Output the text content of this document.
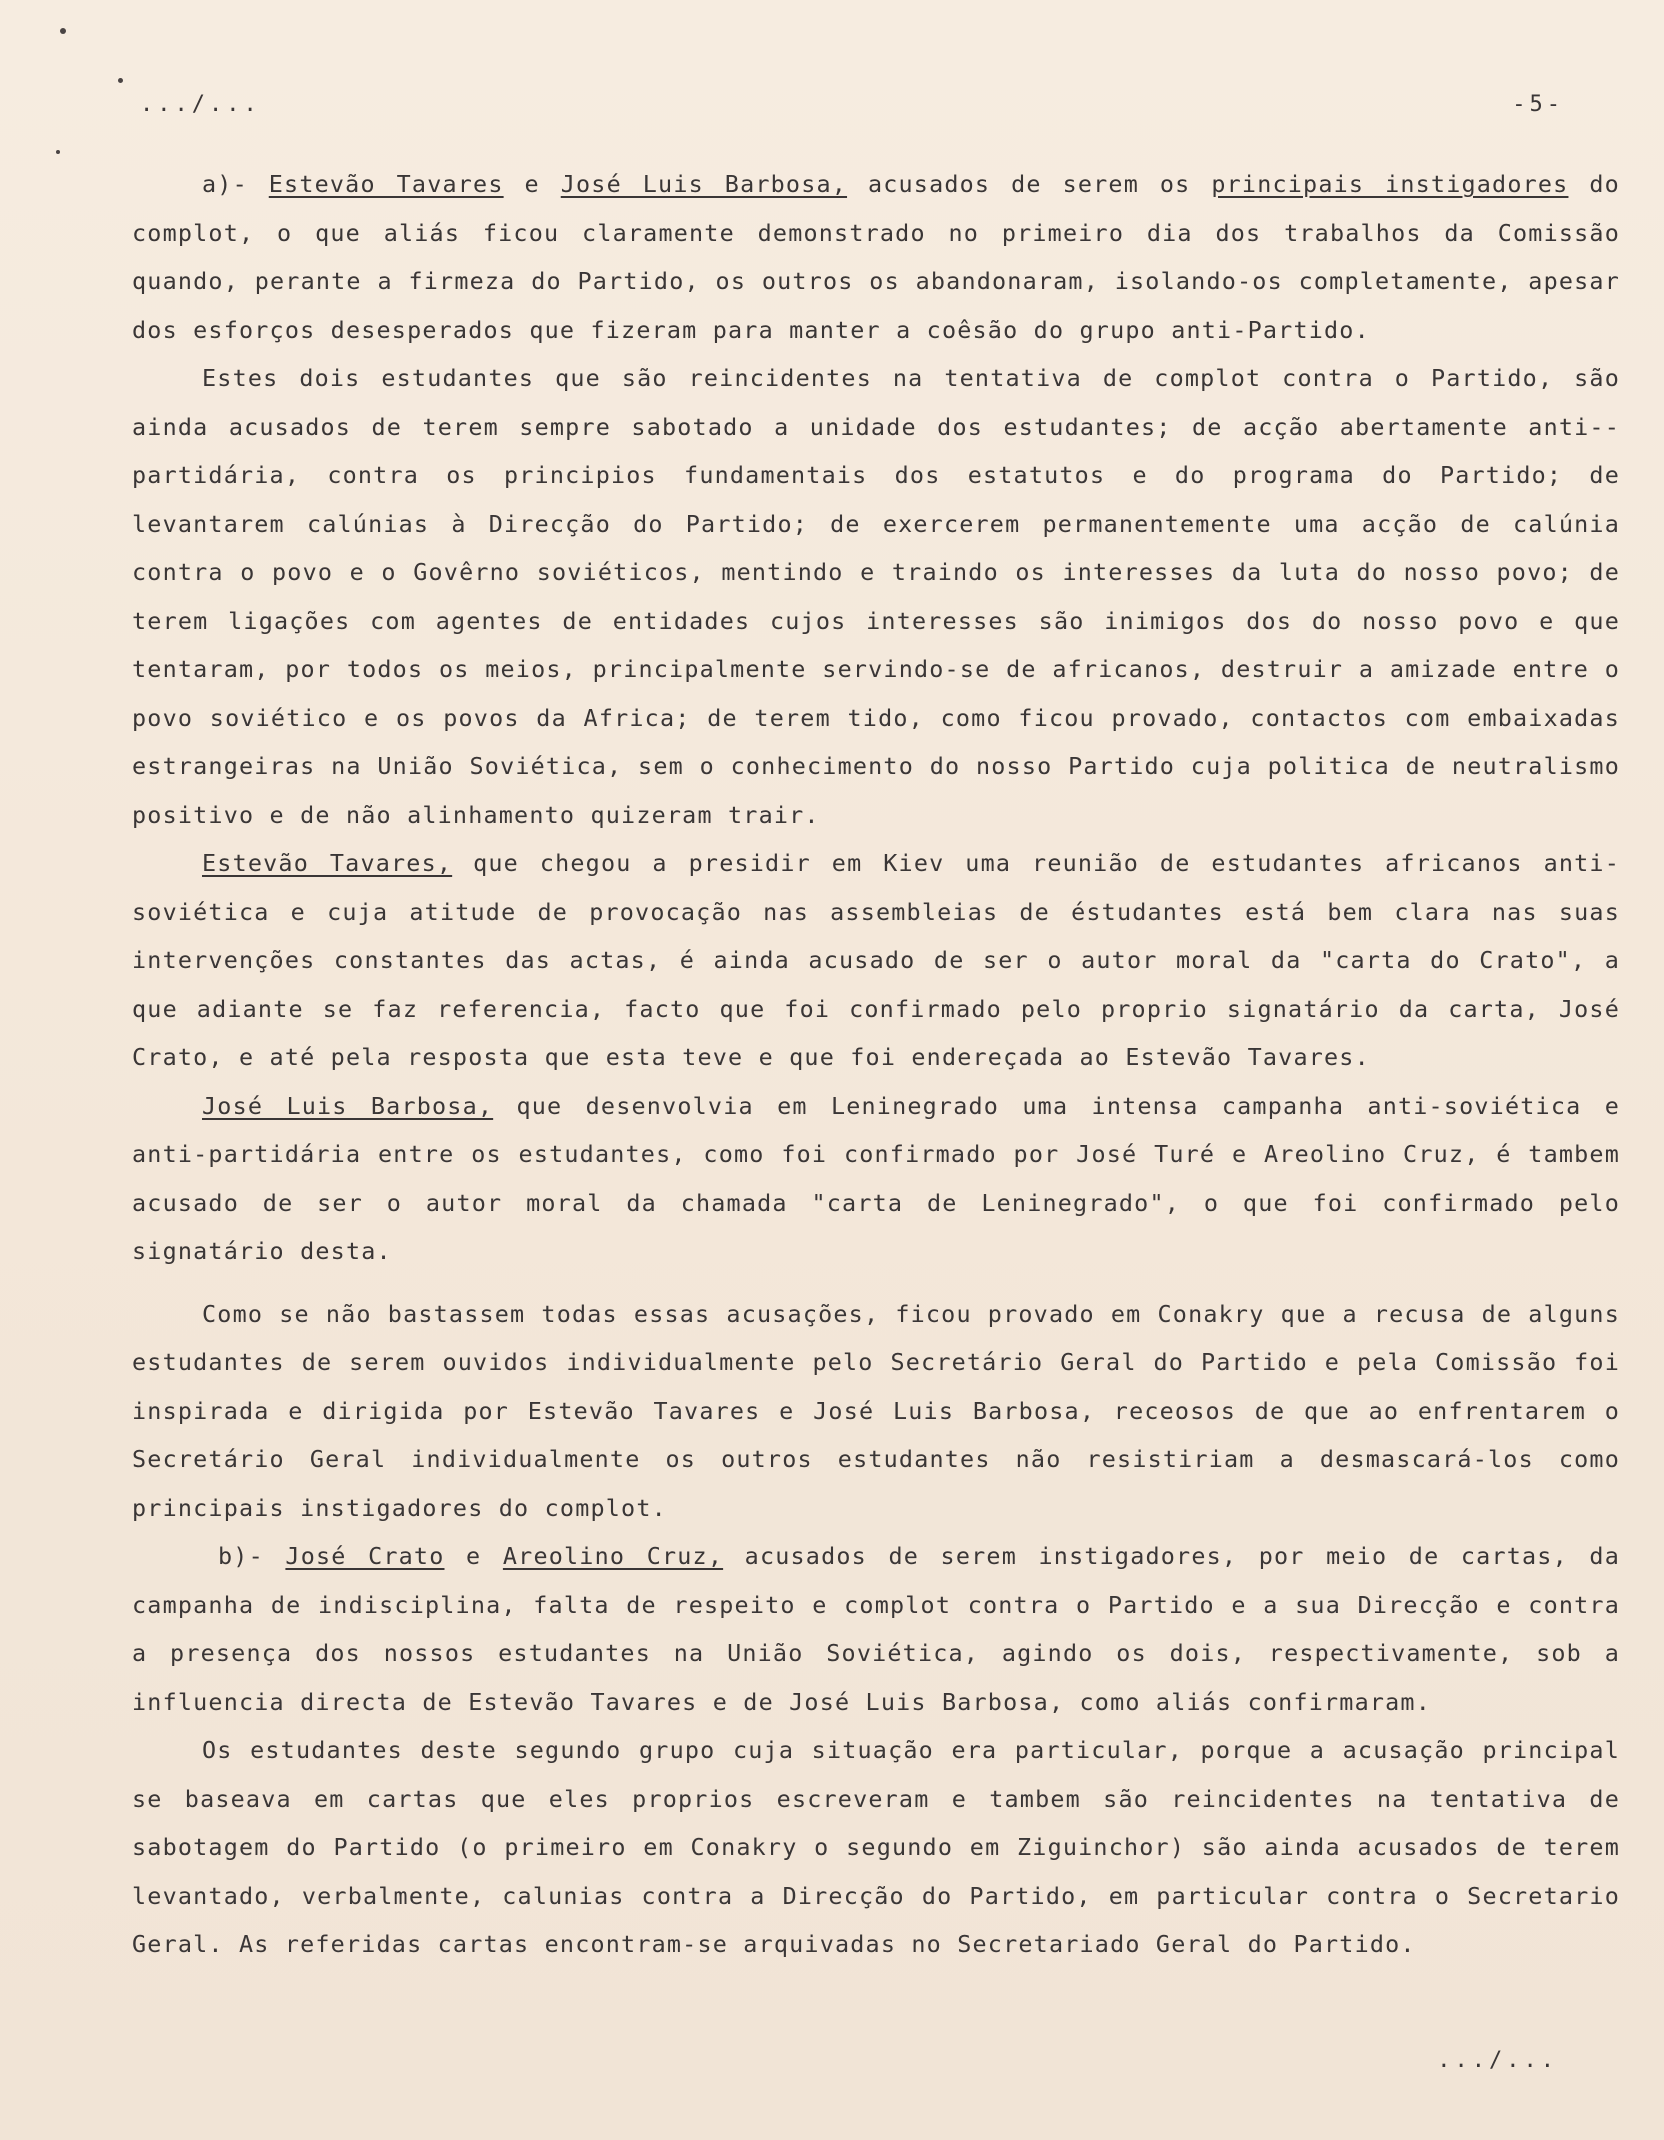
.../...	-5-

a)- Estevão Tavares e José Luis Barbosa, acusados de serem os principais instigadores do complot, o que aliás ficou claramente demonstrado no primeiro dia dos trabalhos da Comissão quando, perante a firmeza do Partido, os outros os abandonaram, isolando-os completamente, apesar dos esforços desesperados que fizeram para manter a coêsão do grupo anti-Partido.

Estes dois estudantes que são reincidentes na tentativa de complot contra o Partido, são ainda acusados de terem sempre sabotado a unidade dos estudantes; de acção abertamente anti--partidária, contra os principios fundamentais dos estatutos e do programa do Partido; de levantarem calúnias à Direcção do Partido; de exercerem permanentemente uma acção de calúnia contra o povo e o Govêrno soviéticos, mentindo e traindo os interesses da luta do nosso povo; de terem ligações com agentes de entidades cujos interesses são inimigos dos do nosso povo e que tentaram, por todos os meios, principalmente servindo-se de africanos, destruir a amizade entre o povo soviético e os povos da Africa; de terem tido, como ficou provado, contactos com embaixadas estrangeiras na União Soviética, sem o conhecimento do nosso Partido cuja politica de neutralismo positivo e de não alinhamento quizeram trair.

Estevão Tavares, que chegou a presidir em Kiev uma reunião de estudantes africanos anti-soviética e cuja atitude de provocação nas assembleias de éstudantes está bem clara nas suas intervenções constantes das actas, é ainda acusado de ser o autor moral da "carta do Crato", a que adiante se faz referencia, facto que foi confirmado pelo proprio signatário da carta, José Crato, e até pela resposta que esta teve e que foi endereçada ao Estevão Tavares.

José Luis Barbosa, que desenvolvia em Leninegrado uma intensa campanha anti-soviética e anti-partidária entre os estudantes, como foi confirmado por José Turé e Areolino Cruz, é tambem acusado de ser o autor moral da chamada "carta de Leninegrado", o que foi confirmado pelo signatário desta.

Como se não bastassem todas essas acusações, ficou provado em Conakry que a recusa de alguns estudantes de serem ouvidos individualmente pelo Secretário Geral do Partido e pela Comissão foi inspirada e dirigida por Estevão Tavares e José Luis Barbosa, receosos de que ao enfrentarem o Secretário Geral individualmente os outros estudantes não resistiriam a desmascará-los como principais instigadores do complot.

b)- José Crato e Areolino Cruz, acusados de serem instigadores, por meio de cartas, da campanha de indisciplina, falta de respeito e complot contra o Partido e a sua Direcção e contra a presença dos nossos estudantes na União Soviética, agindo os dois, respectivamente, sob a influencia directa de Estevão Tavares e de José Luis Barbosa, como aliás confirmaram.

Os estudantes deste segundo grupo cuja situação era particular, porque a acusação principal se baseava em cartas que eles proprios escreveram e tambem são reincidentes na tentativa de sabotagem do Partido (o primeiro em Conakry o segundo em Ziguinchor) são ainda acusados de terem levantado, verbalmente, calunias contra a Direcção do Partido, em particular contra o Secretario Geral. As referidas cartas encontram-se arquivadas no Secretariado Geral do Partido.

.../...
